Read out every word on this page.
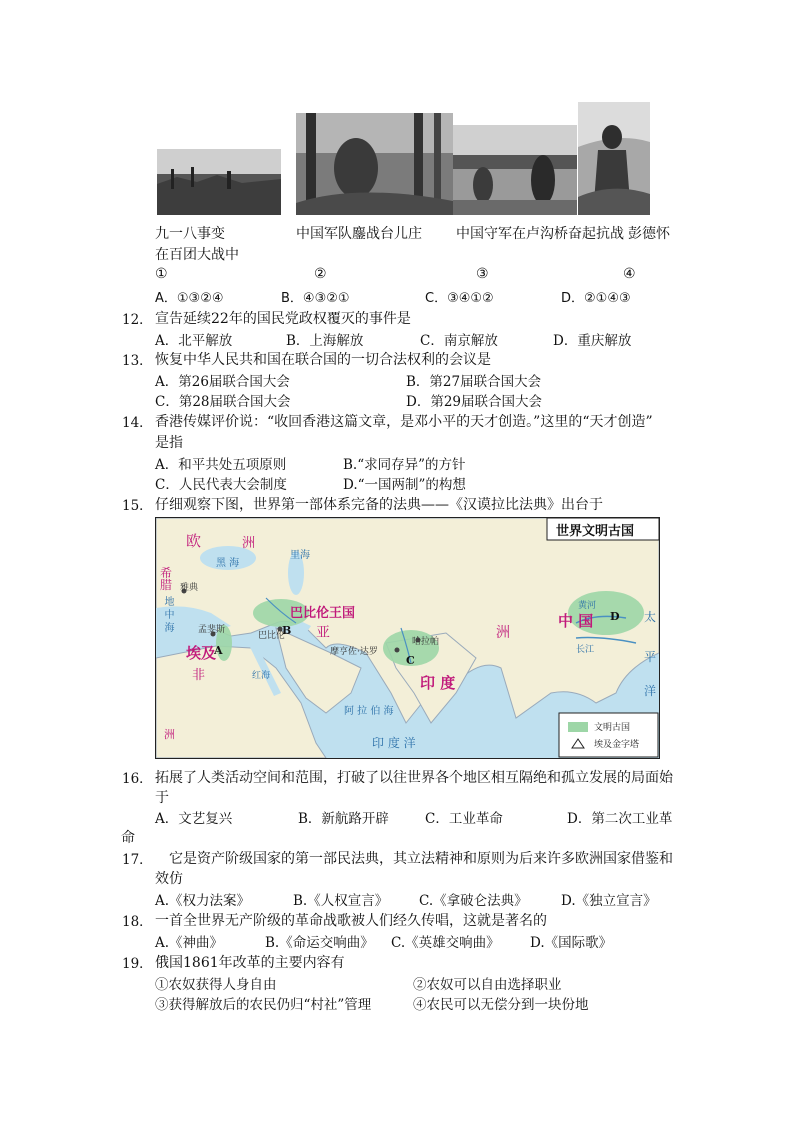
九一八事变	中国军队鏖战台儿庄 中国守军在卢沟桥奋起抗战 彭德怀
在百团大战中
①	②	③	④
A．①③②④	B．④③②①	C．③④①②	D．②①④③
12． 宣告延续22年的国民党政权覆灭的事件是
A．北平解放	B．上海解放	C．南京解放	D．重庆解放
13． 恢复中华人民共和国在联合国的一切合法权利的会议是
A．第26届联合国大会	B．第27届联合国大会
C．第28届联合国大会	D．第29届联合国大会
14． 香港传媒评价说：“收回香港这篇文章，是邓小平的天才创造。”这里的“天才创造”
是指
A．和平共处五项原则	B.“求同存异”的方针
C．人民代表大会制度	D.“一国两制”的构想
15． 仔细观察下图，世界第一部体系完备的法典——《汉谟拉比法典》出台于
世界文明古国
欧	洲
黑 海
里海
希
腊 雅典
地 中 海	巴比伦王国
巴比伦
B 亚	洲
孟斐斯
埃及
A
非
洲
红海
摩亨佐·达罗
C
哈拉帕
印 度
阿 拉 伯 海
印 度 洋
中 国 D
黄河
长江
太
平
洋
文明古国
埃及金字塔
16． 拓展了人类活动空间和范围，打破了以往世界各个地区相互隔绝和孤立发展的局面始
于
A．文艺复兴	B．新航路开辟	C．工业革命	D．第二次工业革
命
17． 它是资产阶级国家的第一部民法典，其立法精神和原则为后来许多欧洲国家借鉴和
效仿
A.《权力法案》	B.《人权宣言》 C.《拿破仑法典》 D.《独立宣言》
18． 一首全世界无产阶级的革命战歌被人们经久传唱，这就是著名的
A.《神曲》	B.《命运交响曲》 C.《英雄交响曲》 D.《国际歌》
19． 俄国1861年改革的主要内容有
①农奴获得人身自由	②农奴可以自由选择职业
③获得解放后的农民仍归“村社”管理	④农民可以无偿分到一块份地
